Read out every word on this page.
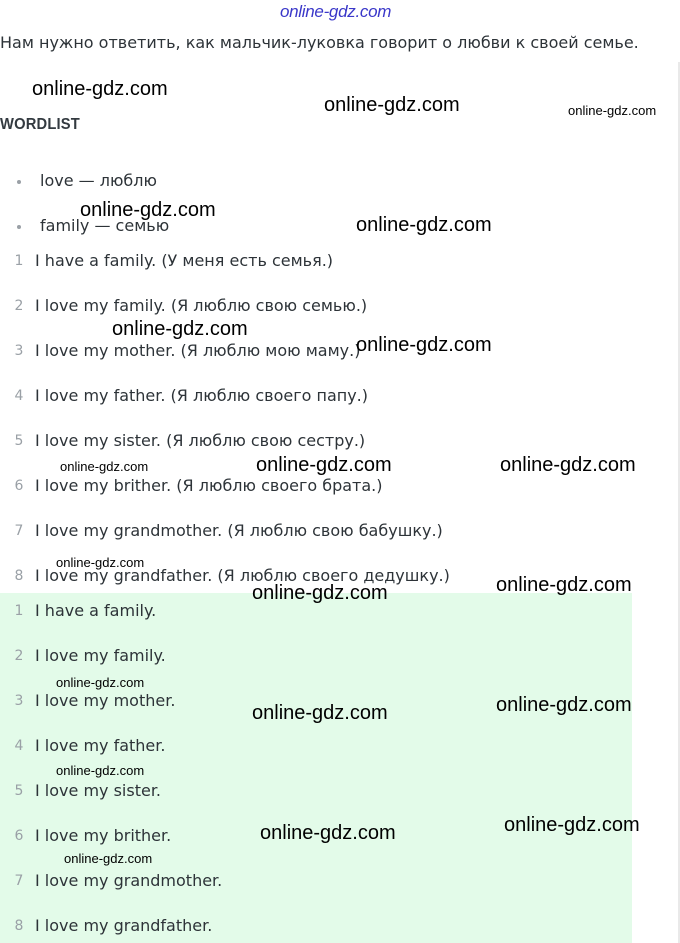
online-gdz.com
Нам нужно ответить, как мальчик-луковка говорит о любви к своей семье.
WORDLIST
love — люблю
family — семью
1 I have a family. (У меня есть семья.)
2 I love my family. (Я люблю свою семью.)
3 I love my mother. (Я люблю мою маму.)
4 I love my father. (Я люблю своего папу.)
5 I love my sister. (Я люблю свою сестру.)
6 I love my brither. (Я люблю своего брата.)
7 I love my grandmother. (Я люблю свою бабушку.)
8 I love my grandfather. (Я люблю своего дедушку.)
1 I have a family.
2 I love my family.
3 I love my mother.
4 I love my father.
5 I love my sister.
6 I love my brither.
7 I love my grandmother.
8 I love my grandfather.
online-gdz.com
online-gdz.com	online-gdz.com
online-gdz.com
online-gdz.com
online-gdz.com
online-gdz.com
online-gdz.com	online-gdz.com	online-gdz.com
online-gdz.com
online-gdz.com
online-gdz.com
online-gdz.com
online-gdz.com
online-gdz.com
online-gdz.com
online-gdz.com
online-gdz.com
online-gdz.com
